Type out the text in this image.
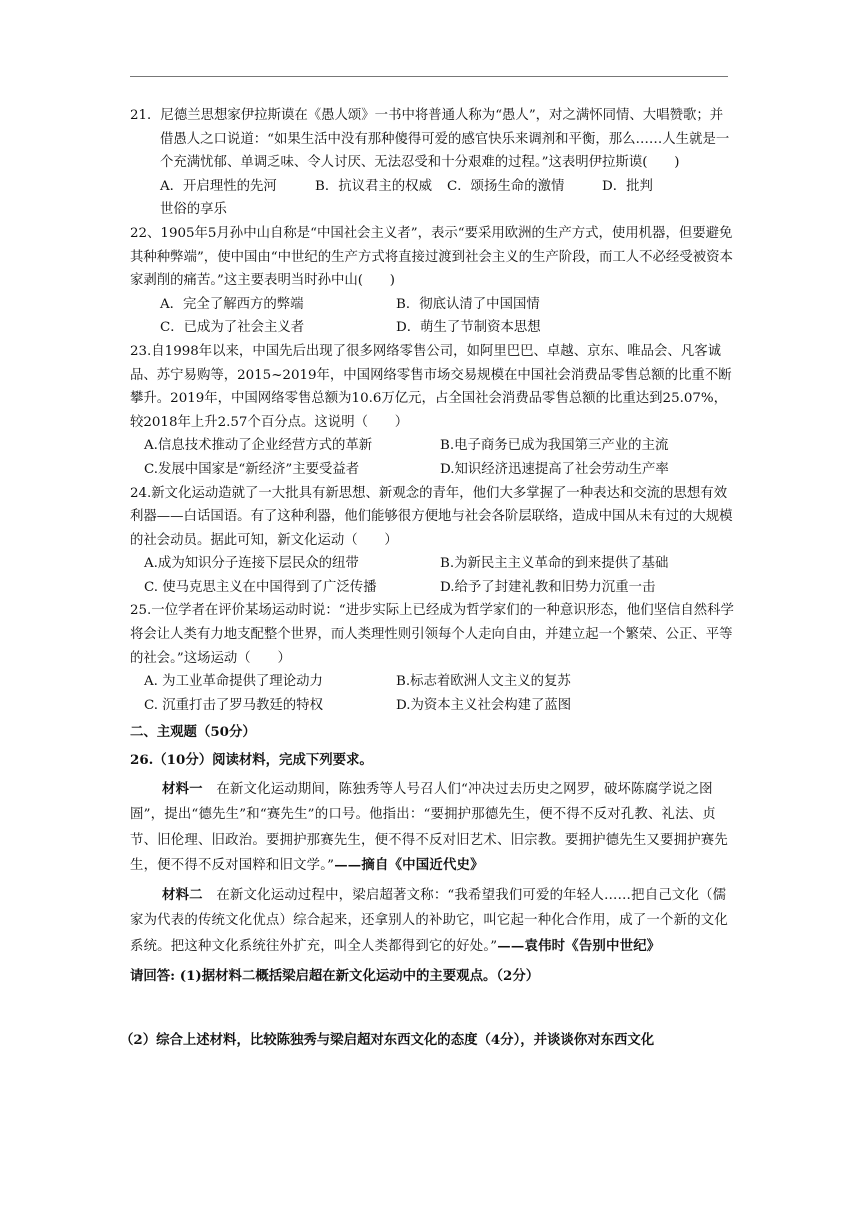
21．尼德兰思想家伊拉斯谟在《愚人颂》一书中将普通人称为“愚人”，对之满怀同情、大唱赞歌；并借愚人之口说道：“如果生活中没有那种傻得可爱的感官快乐来调剂和平衡，那么……人生就是一个充满忧郁、单调乏味、令人讨厌、无法忍受和十分艰难的过程。”这表明伊拉斯谟(　　)

A．开启理性的先河	B．抗议君主的权威 C．颂扬生命的激情	D．批判

世俗的享乐

22、1905年5月孙中山自称是“中国社会主义者”，表示“要采用欧洲的生产方式，使用机器，但要避免其种种弊端”，使中国由“中世纪的生产方式将直接过渡到社会主义的生产阶段，而工人不必经受被资本家剥削的痛苦。”这主要表明当时孙中山(　　)

A．完全了解西方的弊端	B．彻底认清了中国国情

C．已成为了社会主义者	D．萌生了节制资本思想

23.自1998年以来，中国先后出现了很多网络零售公司，如阿里巴巴、卓越、京东、唯品会、凡客诚品、苏宁易购等，2015~2019年，中国网络零售市场交易规模在中国社会消费品零售总额的比重不断攀升。2019年，中国网络零售总额为10.6万亿元，占全国社会消费品零售总额的比重达到25.07%，较2018年上升2.57个百分点。这说明（　　）

A.信息技术推动了企业经营方式的革新	B.电子商务已成为我国第三产业的主流

C.发展中国家是“新经济”主要受益者	D.知识经济迅速提高了社会劳动生产率

24.新文化运动造就了一大批具有新思想、新观念的青年，他们大多掌握了一种表达和交流的思想有效利器——白话国语。有了这种利器，他们能够很方便地与社会各阶层联络，造成中国从未有过的大规模的社会动员。据此可知，新文化运动（　　）

A.成为知识分子连接下层民众的纽带	B.为新民主主义革命的到来提供了基础

C. 使马克思主义在中国得到了广泛传播	D.给予了封建礼教和旧势力沉重一击

25.一位学者在评价某场运动时说：“进步实际上已经成为哲学家们的一种意识形态，他们坚信自然科学将会让人类有力地支配整个世界，而人类理性则引领每个人走向自由，并建立起一个繁荣、公正、平等的社会。”这场运动（　　）

A. 为工业革命提供了理论动力	B.标志着欧洲人文主义的复苏

C. 沉重打击了罗马教廷的特权	D.为资本主义社会构建了蓝图

二、主观题（50分）

26.（10分）阅读材料，完成下列要求。

材料一　在新文化运动期间，陈独秀等人号召人们“冲决过去历史之网罗，破坏陈腐学说之囹圄”，提出“德先生”和“赛先生”的口号。他指出：“要拥护那德先生，便不得不反对孔教、礼法、贞节、旧伦理、旧政治。要拥护那赛先生，便不得不反对旧艺术、旧宗教。要拥护德先生又要拥护赛先生，便不得不反对国粹和旧文学。”——摘自《中国近代史》

材料二　在新文化运动过程中，梁启超著文称：“我希望我们可爱的年轻人……把自己文化（儒家为代表的传统文化优点）综合起来，还拿别人的补助它，叫它起一种化合作用，成了一个新的文化系统。把这种文化系统往外扩充，叫全人类都得到它的好处。”——袁伟时《告别中世纪》

请回答: (1)据材料二概括梁启超在新文化运动中的主要观点。（2分）

（2）综合上述材料，比较陈独秀与梁启超对东西文化的态度（4分），并谈谈你对东西文化
